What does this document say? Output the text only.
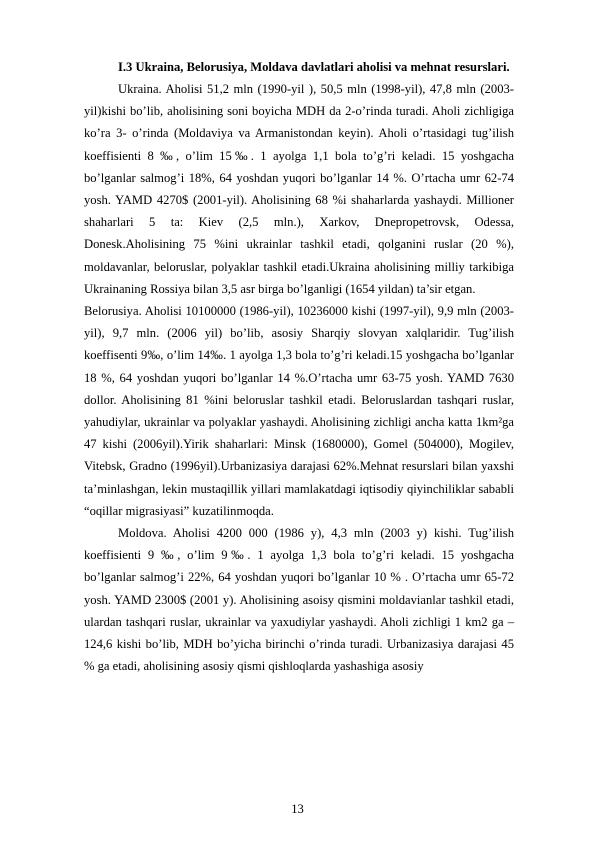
I.3 Ukraina, Belorusiya, Moldava davlatlari aholisi va mehnat resurslari.

Ukraina. Aholisi 51,2 mln (1990-yil ), 50,5 mln (1998-yil), 47,8 mln (2003-yil)kishi bo’lib, aholisining soni boyicha MDH da 2-o’rinda turadi. Aholi zichligiga ko’ra 3- o’rinda (Moldaviya va Armanistondan keyin). Aholi o’rtasidagi tug’ilish koeffisienti 8 ‰, o’lim 15‰. 1 ayolga 1,1 bola to’g’ri keladi. 15 yoshgacha bo’lganlar salmog’i 18%, 64 yoshdan yuqori bo’lganlar 14 %. O’rtacha umr 62-74 yosh. YAMD 4270$ (2001-yil). Aholisining 68 %i shaharlarda yashaydi. Millioner shaharlari 5 ta: Kiev (2,5 mln.), Xarkov, Dnepropetrovsk, Odessa, Donesk.Aholisining 75 %ini ukrainlar tashkil etadi, qolganini ruslar (20 %), moldavanlar, beloruslar, polyaklar tashkil etadi.Ukraina aholisining milliy tarkibiga Ukrainaning Rossiya bilan 3,5 asr birga bo’lganligi (1654 yildan) ta’sir etgan.

Belorusiya. Aholisi 10100000 (1986-yil), 10236000 kishi (1997-yil), 9,9 mln (2003-yil), 9,7 mln. (2006 yil) bo’lib, asosiy Sharqiy slovyan xalqlaridir. Tug’ilish koeffisenti 9‰, o’lim 14‰. 1 ayolga 1,3 bola to’g’ri keladi.15 yoshgacha bo’lganlar 18 %, 64 yoshdan yuqori bo’lganlar 14 %.O’rtacha umr 63-75 yosh. YAMD 7630 dollor. Aholisining 81 %ini beloruslar tashkil etadi. Beloruslardan tashqari ruslar, yahudiylar, ukrainlar va polyaklar yashaydi. Aholisining zichligi ancha katta 1km²ga 47 kishi (2006yil).Yirik shaharlari: Minsk (1680000), Gomel (504000), Mogilev, Vitebsk, Gradno (1996yil).Urbanizasiya darajasi 62%.Mehnat resurslari bilan yaxshi ta’minlashgan, lekin mustaqillik yillari mamlakatdagi iqtisodiy qiyinchiliklar sababli “oqillar migrasiyasi” kuzatilinmoqda.

Moldova. Aholisi 4200 000 (1986 y), 4,3 mln (2003 y) kishi. Tug’ilish koeffisienti 9 ‰, o’lim 9‰. 1 ayolga 1,3 bola to’g’ri keladi. 15 yoshgacha bo’lganlar salmog’i 22%, 64 yoshdan yuqori bo’lganlar 10 % . O’rtacha umr 65-72 yosh. YAMD 2300$ (2001 y). Aholisining asoisy qismini moldavianlar tashkil etadi, ulardan tashqari ruslar, ukrainlar va yaxudiylar yashaydi. Aholi zichligi 1 km2 ga – 124,6 kishi bo’lib, MDH bo’yicha birinchi o’rinda turadi. Urbanizasiya darajasi 45 % ga etadi, aholisining asosiy qismi qishloqlarda yashashiga asosiy

13
